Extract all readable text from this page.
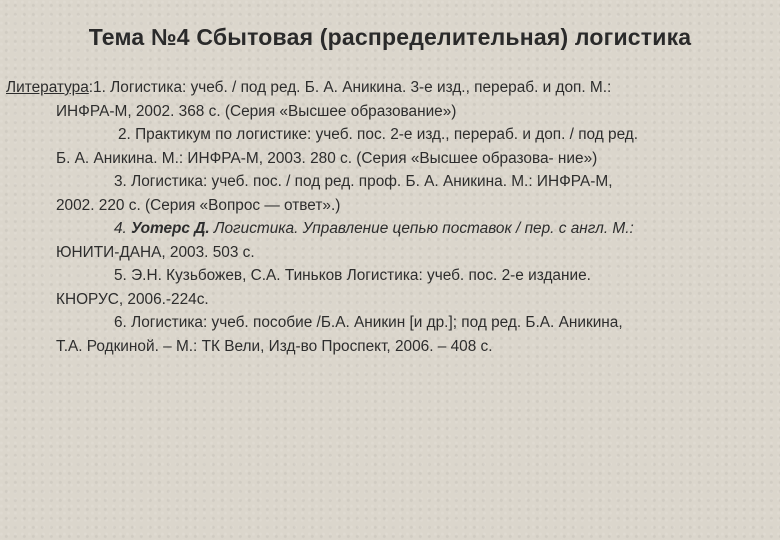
Тема №4 Сбытовая (распределительная) логистика
Литература:1. Логистика: учеб. / под ред. Б. А. Аникина. 3-е изд., перераб. и доп. М.:
ИНФРА-М, 2002. 368 с. (Серия «Высшее образование»)
2. Практикум по логистике: учеб. пос. 2-е изд., перераб. и доп. / под ред.
Б. А. Аникина. М.: ИНФРА-М, 2003. 280 с. (Серия «Высшее образова- ние»)
3. Логистика: учеб. пос. / под ред. проф. Б. А. Аникина. М.: ИНФРА-М,
2002. 220 с. (Серия «Вопрос — ответ».)
4. Уотерс Д. Логистика. Управление цепью поставок / пер. с англ. М.:
ЮНИТИ-ДАНА, 2003. 503 с.
5. Э.Н. Кузьбожев, С.А. Тиньков Логистика: учеб. пос. 2-е издание.
КНОРУС, 2006.-224с.
6. Логистика: учеб. пособие /Б.А. Аникин [и др.]; под ред. Б.А. Аникина,
Т.А. Родкиной. – М.: ТК Вели, Изд-во Проспект, 2006. – 408 с.
